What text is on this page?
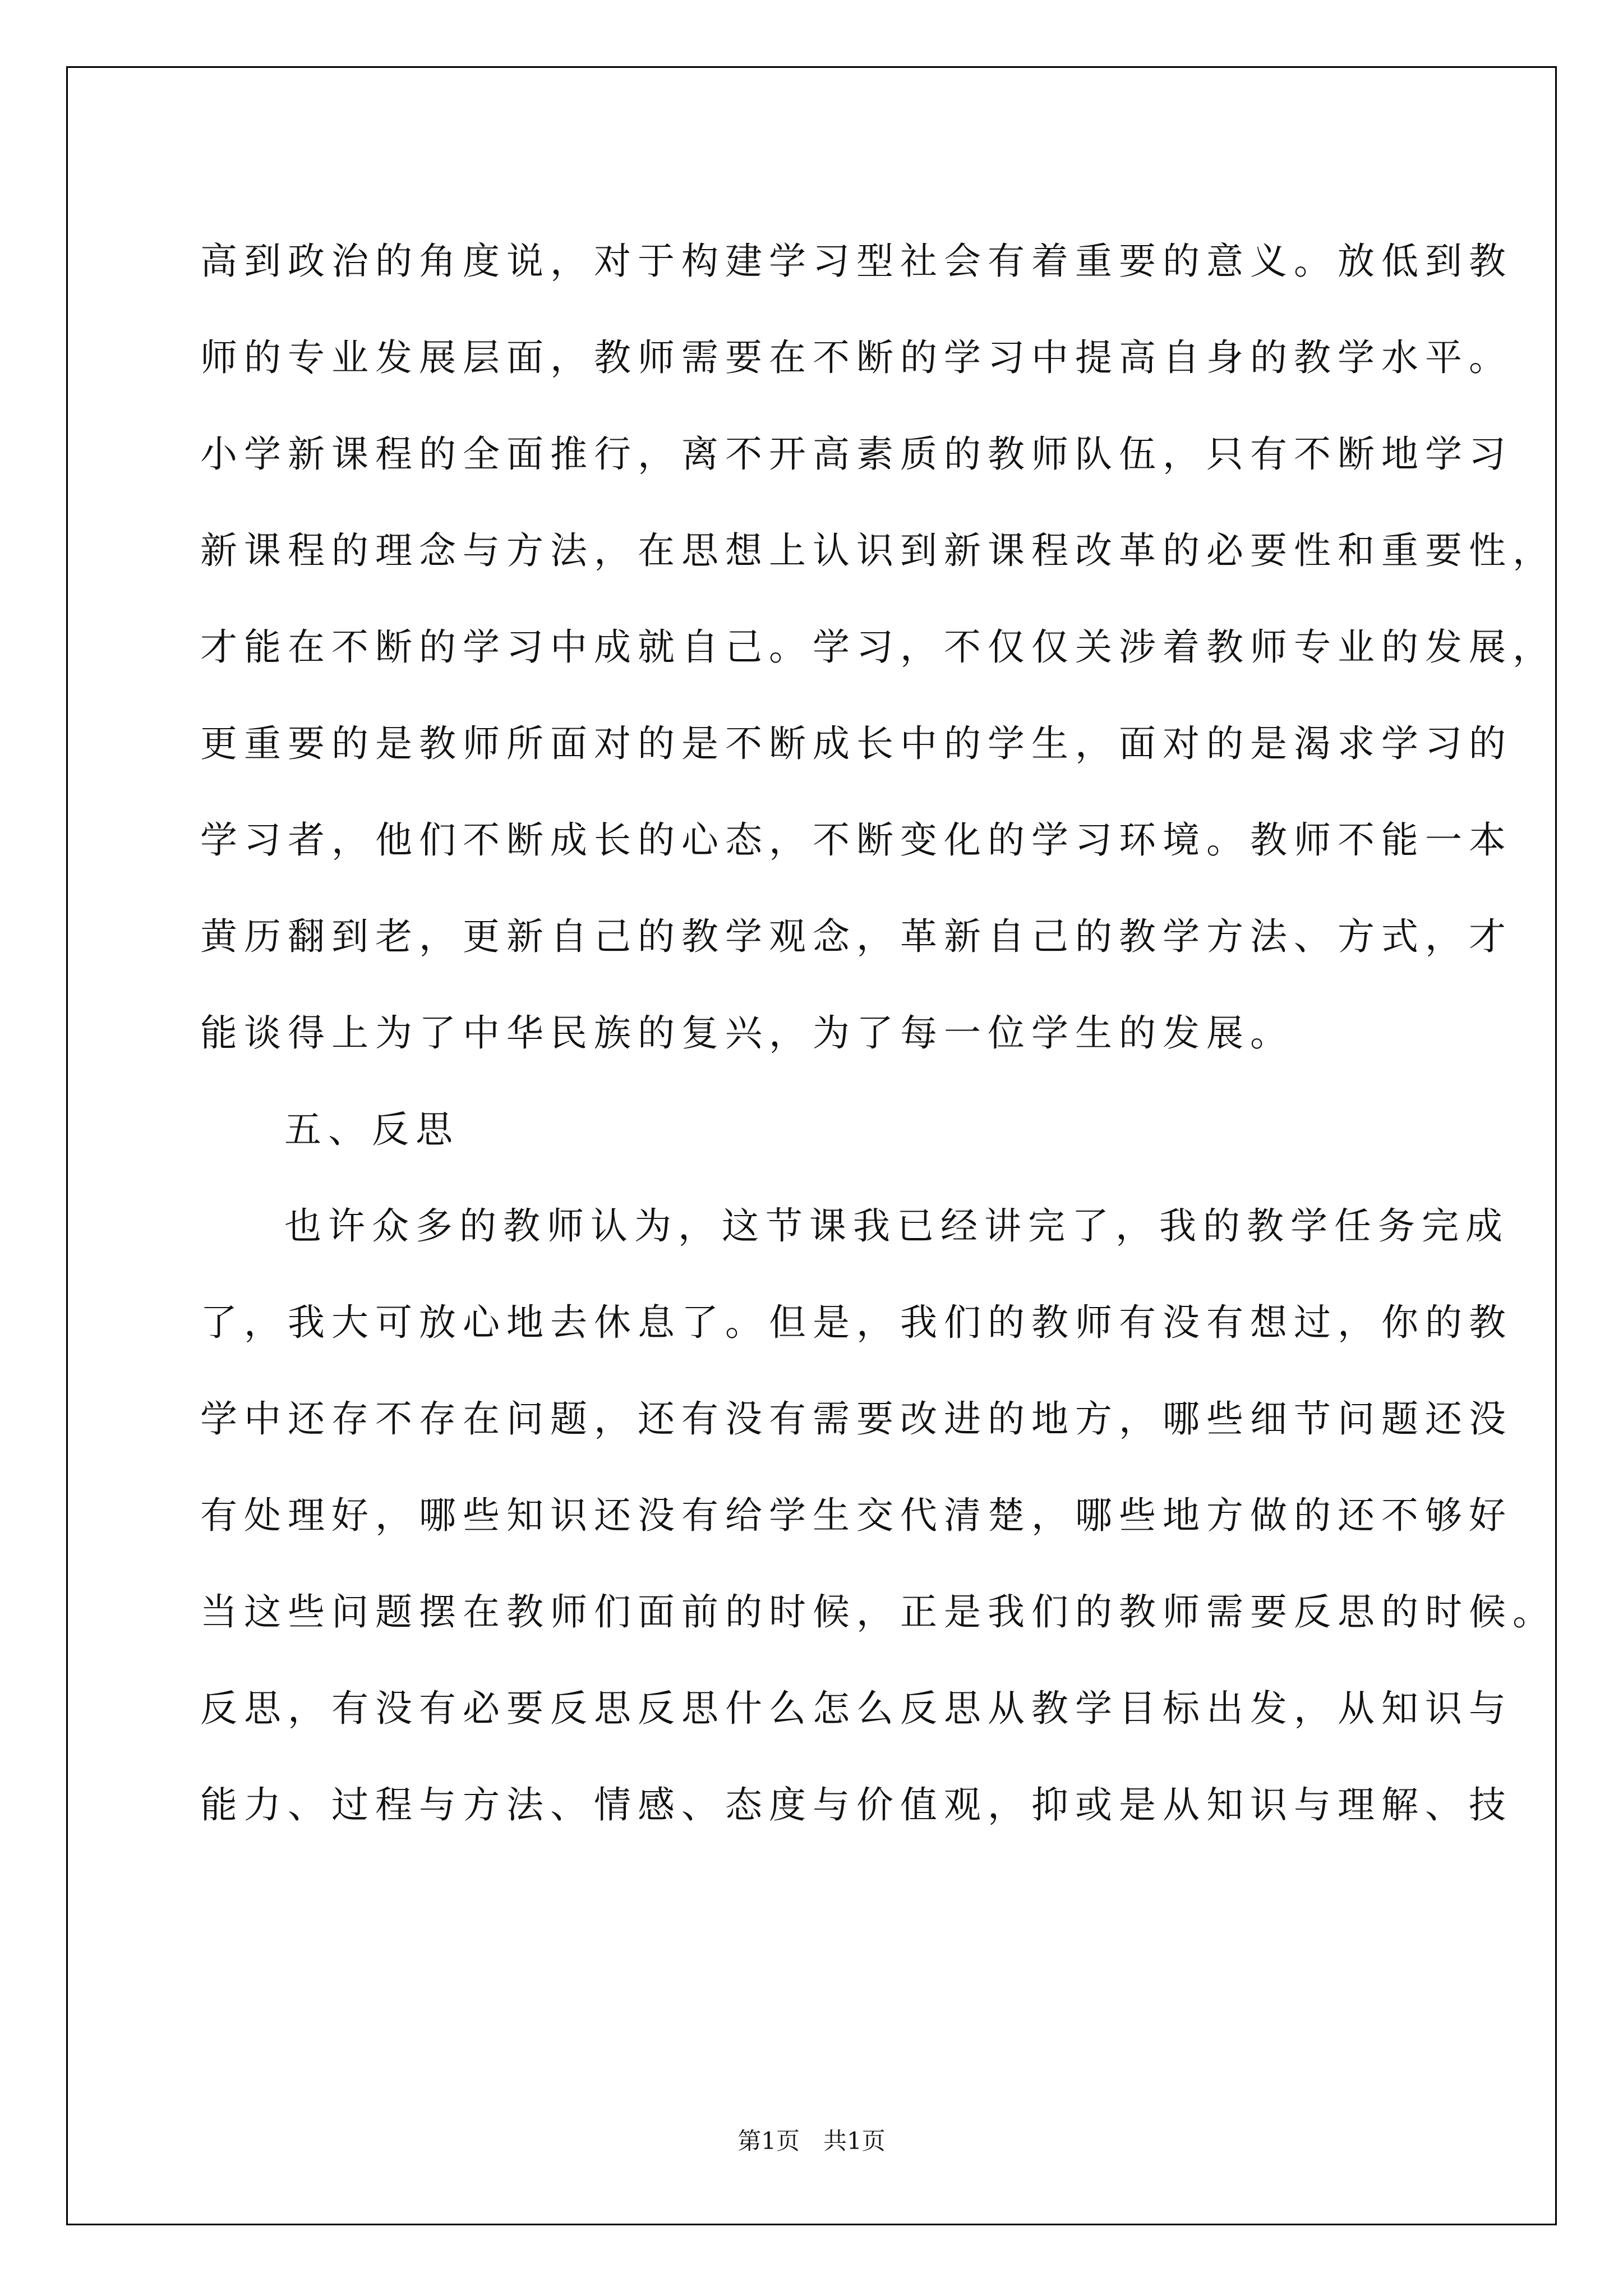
高到政治的角度说，对于构建学习型社会有着重要的意义。放低到教
师的专业发展层面，教师需要在不断的学习中提高自身的教学水平。
小学新课程的全面推行，离不开高素质的教师队伍，只有不断地学习
新课程的理念与方法，在思想上认识到新课程改革的必要性和重要性，
才能在不断的学习中成就自己。学习，不仅仅关涉着教师专业的发展，
更重要的是教师所面对的是不断成长中的学生，面对的是渴求学习的
学习者，他们不断成长的心态，不断变化的学习环境。教师不能一本
黄历翻到老，更新自己的教学观念，革新自己的教学方法、方式，才
能谈得上为了中华民族的复兴，为了每一位学生的发展。
五、反思
也许众多的教师认为，这节课我已经讲完了，我的教学任务完成
了，我大可放心地去休息了。但是，我们的教师有没有想过，你的教
学中还存不存在问题，还有没有需要改进的地方，哪些细节问题还没
有处理好，哪些知识还没有给学生交代清楚，哪些地方做的还不够好
当这些问题摆在教师们面前的时候，正是我们的教师需要反思的时候。
反思，有没有必要反思反思什么怎么反思从教学目标出发，从知识与
能力、过程与方法、情感、态度与价值观，抑或是从知识与理解、技
第1页　共1页
